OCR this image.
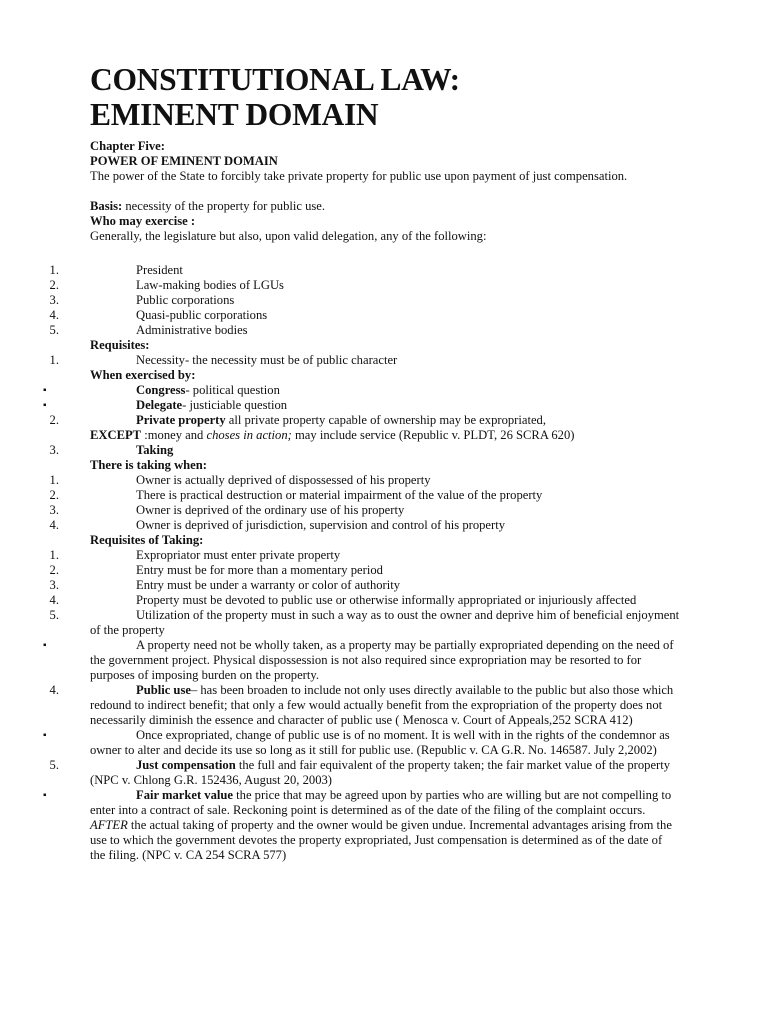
CONSTITUTIONAL LAW:
EMINENT DOMAIN
Chapter Five:
POWER OF EMINENT DOMAIN
The power of the State to forcibly take private property for public use upon payment of just compensation.
Basis: necessity of the property for public use.
Who may exercise :
Generally, the legislature but also, upon valid delegation, any of the following:
1.	President
2.	Law-making bodies of LGUs
3.	Public corporations
4.	Quasi-public corporations
5.	Administrative bodies
Requisites:
1.	Necessity- the necessity must be of public character
When exercised by:
▪	Congress- political question
▪	Delegate- justiciable question
2.	Private property all private property capable of ownership may be expropriated,
EXCEPT :money and choses in action; may include service (Republic v. PLDT, 26 SCRA 620)
3.	Taking
There is taking when:
1.	Owner is actually deprived of dispossessed of his property
2.	There is practical destruction or material impairment of the value of the property
3.	Owner is deprived of the ordinary use of his property
4.	Owner is deprived of jurisdiction, supervision and control of his property
Requisites of Taking:
1.	Expropriator must enter private property
2.	Entry must be for more than a momentary period
3.	Entry must be under a warranty or color of authority
4.	Property must be devoted to public use or otherwise informally appropriated or injuriously affected
5.	Utilization of the property must in such a way as to oust the owner and deprive him of beneficial enjoyment of the property
▪	A property need not be wholly taken, as a property may be partially expropriated depending on the need of the government project. Physical dispossession is not also required since expropriation may be resorted to for purposes of imposing burden on the property.
4.	Public use– has been broaden to include not only uses directly available to the public but also those which redound to indirect benefit; that only a few would actually benefit from the expropriation of the property does not necessarily diminish the essence and character of public use ( Menosca v. Court of Appeals,252 SCRA 412)
▪	Once expropriated, change of public use is of no moment. It is well with in the rights of the condemnor as owner to alter and decide its use so long as it still for public use. (Republic v. CA G.R. No. 146587. July 2,2002)
5.	Just compensation the full and fair equivalent of the property taken; the fair market value of the property (NPC v. Chlong G.R. 152436, August 20, 2003)
▪	Fair market value the price that may be agreed upon by parties who are willing but are not compelling to enter into a contract of sale. Reckoning point is determined as of the date of the filing of the complaint occurs. AFTER the actual taking of property and the owner would be given undue. Incremental advantages arising from the use to which the government devotes the property expropriated, Just compensation is determined as of the date of the filing. (NPC v. CA 254 SCRA 577)
